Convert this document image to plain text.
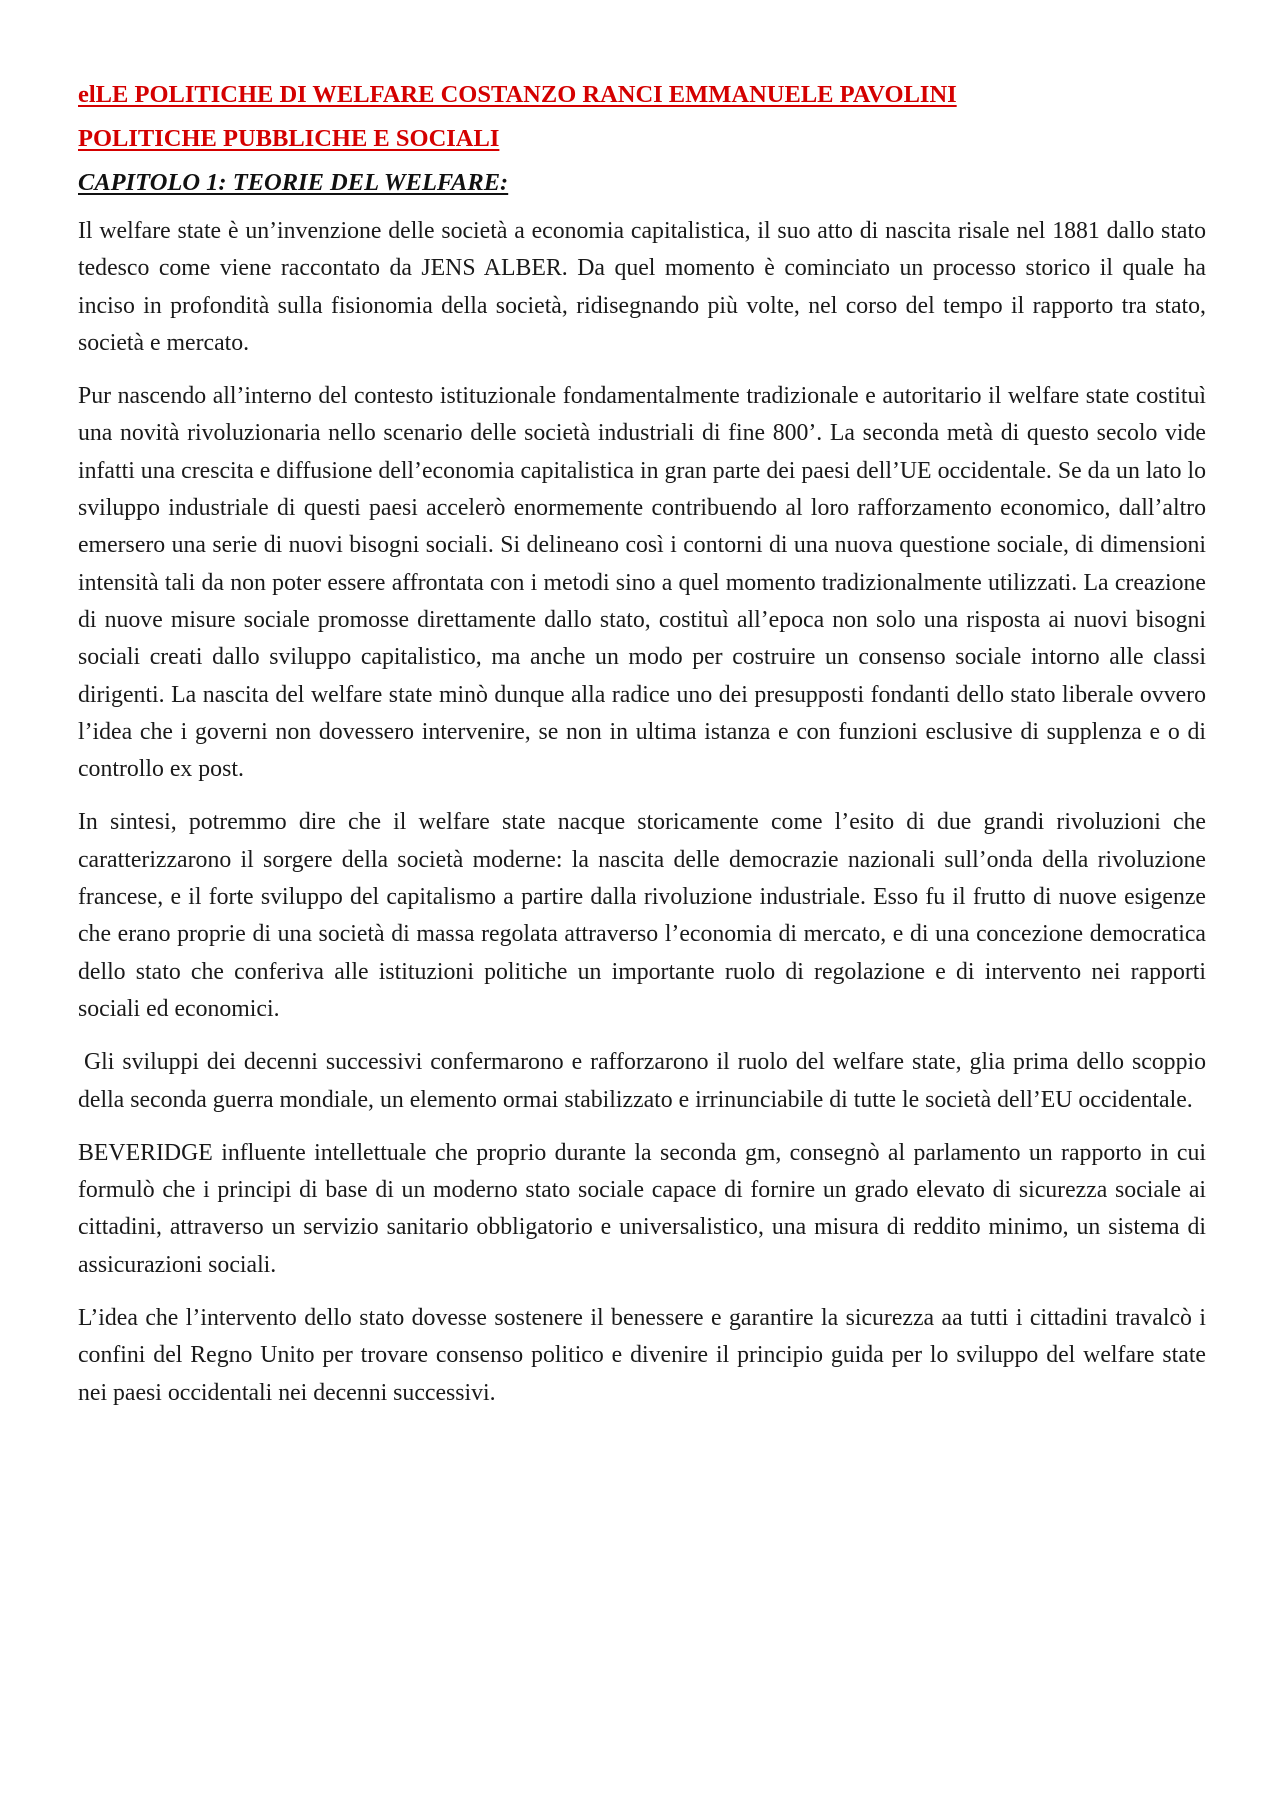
elLE POLITICHE DI WELFARE COSTANZO RANCI EMMANUELE PAVOLINI
POLITICHE PUBBLICHE E SOCIALI
CAPITOLO 1: TEORIE DEL WELFARE:

Il welfare state è un’invenzione delle società a economia capitalistica, il suo atto di nascita risale nel 1881 dallo stato tedesco come viene raccontato da JENS ALBER. Da quel momento è cominciato un processo storico il quale ha inciso in profondità sulla fisionomia della società, ridisegnando più volte, nel corso del tempo il rapporto tra stato, società e mercato.

Pur nascendo all’interno del contesto istituzionale fondamentalmente tradizionale e autoritario il welfare state costituì una novità rivoluzionaria nello scenario delle società industriali di fine 800’. La seconda metà di questo secolo vide infatti una crescita e diffusione dell’economia capitalistica in gran parte dei paesi dell’UE occidentale. Se da un lato lo sviluppo industriale di questi paesi accelerò enormemente contribuendo al loro rafforzamento economico, dall’altro emersero una serie di nuovi bisogni sociali. Si delineano così i contorni di una nuova questione sociale, di dimensioni intensità tali da non poter essere affrontata con i metodi sino a quel momento tradizionalmente utilizzati. La creazione di nuove misure sociale promosse direttamente dallo stato, costituì all’epoca non solo una risposta ai nuovi bisogni sociali creati dallo sviluppo capitalistico, ma anche un modo per costruire un consenso sociale intorno alle classi dirigenti. La nascita del welfare state minò dunque alla radice uno dei presupposti fondanti dello stato liberale ovvero l’idea che i governi non dovessero intervenire, se non in ultima istanza e con funzioni esclusive di supplenza e o di controllo ex post.

In sintesi, potremmo dire che il welfare state nacque storicamente come l’esito di due grandi rivoluzioni che caratterizzarono il sorgere della società moderne: la nascita delle democrazie nazionali sull’onda della rivoluzione francese, e il forte sviluppo del capitalismo a partire dalla rivoluzione industriale. Esso fu il frutto di nuove esigenze che erano proprie di una società di massa regolata attraverso l’economia di mercato, e di una concezione democratica dello stato che conferiva alle istituzioni politiche un importante ruolo di regolazione e di intervento nei rapporti sociali ed economici.

Gli sviluppi dei decenni successivi confermarono e rafforzarono il ruolo del welfare state, glia prima dello scoppio della seconda guerra mondiale, un elemento ormai stabilizzato e irrinunciabile di tutte le società dell’EU occidentale.

BEVERIDGE influente intellettuale che proprio durante la seconda gm, consegnò al parlamento un rapporto in cui formulò che i principi di base di un moderno stato sociale capace di fornire un grado elevato di sicurezza sociale ai cittadini, attraverso un servizio sanitario obbligatorio e universalistico, una misura di reddito minimo, un sistema di assicurazioni sociali.

L’idea che l’intervento dello stato dovesse sostenere il benessere e garantire la sicurezza aa tutti i cittadini travalcò i confini del Regno Unito per trovare consenso politico e divenire il principio guida per lo sviluppo del welfare state nei paesi occidentali nei decenni successivi.
